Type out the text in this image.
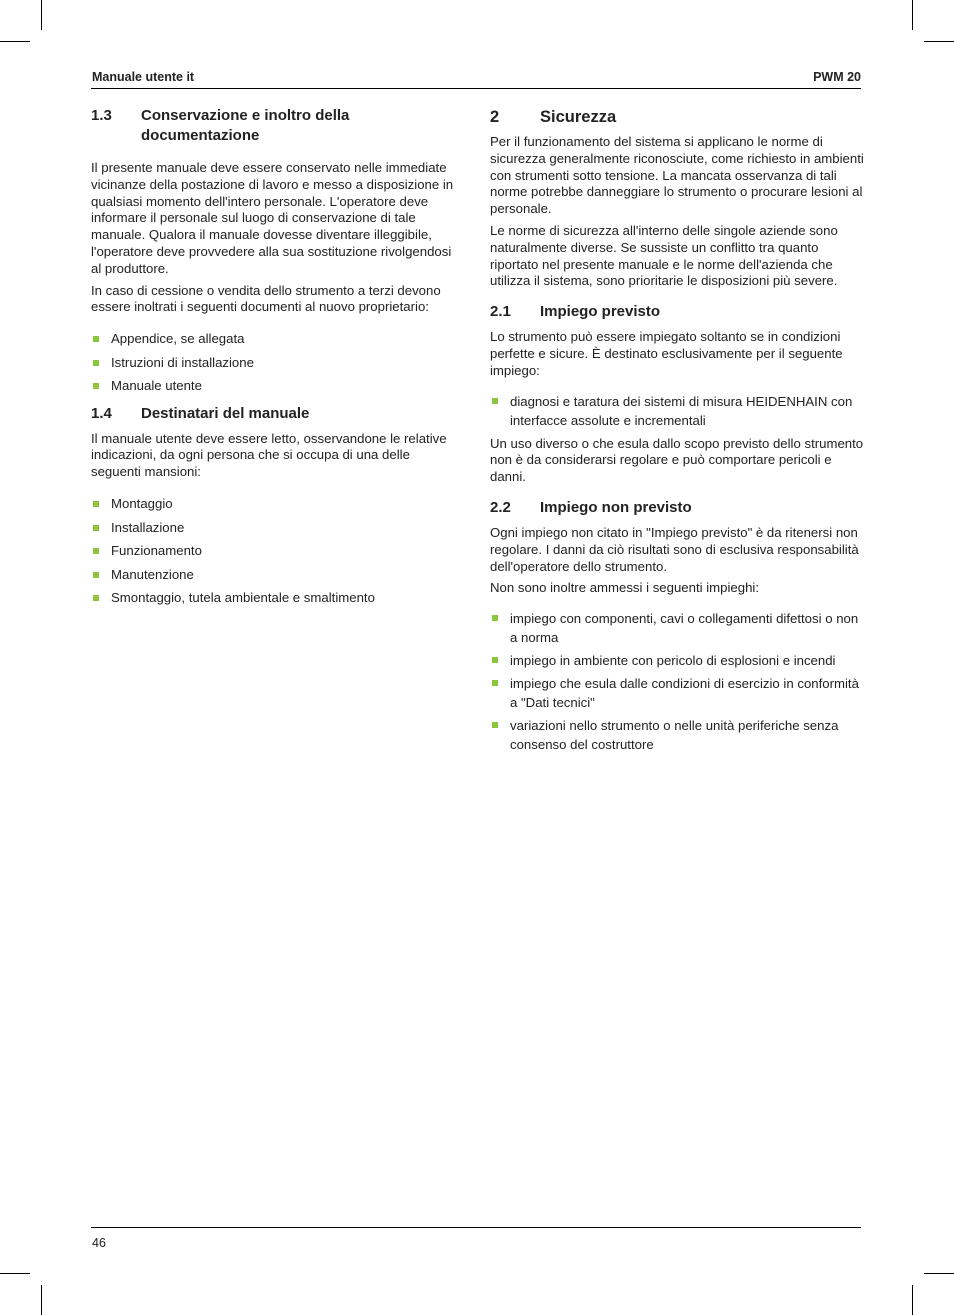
Manuale utente it	PWM 20
1.3	Conservazione e inoltro della documentazione

Il presente manuale deve essere conservato nelle immediate vicinanze della postazione di lavoro e messo a disposizione in qualsiasi momento dell'intero personale. L'operatore deve informare il personale sul luogo di conservazione di tale manuale. Qualora il manuale dovesse diventare illeggibile, l'operatore deve provvedere alla sua sostituzione rivolgendosi al produttore.

In caso di cessione o vendita dello strumento a terzi devono essere inoltrati i seguenti documenti al nuovo proprietario:

Appendice, se allegata
Istruzioni di installazione
Manuale utente
1.4	Destinatari del manuale

Il manuale utente deve essere letto, osservandone le relative indicazioni, da ogni persona che si occupa di una delle seguenti mansioni:

Montaggio
Installazione
Funzionamento
Manutenzione
Smontaggio, tutela ambientale e smaltimento
2	Sicurezza

Per il funzionamento del sistema si applicano le norme di sicurezza generalmente riconosciute, come richiesto in ambienti con strumenti sotto tensione. La mancata osservanza di tali norme potrebbe danneggiare lo strumento o procurare lesioni al personale.

Le norme di sicurezza all'interno delle singole aziende sono naturalmente diverse. Se sussiste un conflitto tra quanto riportato nel presente manuale e le norme dell'azienda che utilizza il sistema, sono prioritarie le disposizioni più severe.

2.1	Impiego previsto

Lo strumento può essere impiegato soltanto se in condizioni perfette e sicure. È destinato esclusivamente per il seguente impiego:

diagnosi e taratura dei sistemi di misura HEIDENHAIN con interfacce assolute e incrementali

Un uso diverso o che esula dallo scopo previsto dello strumento non è da considerarsi regolare e può comportare pericoli e danni.

2.2	Impiego non previsto

Ogni impiego non citato in "Impiego previsto" è da ritenersi non regolare. I danni da ciò risultati sono di esclusiva responsabilità dell'operatore dello strumento.

Non sono inoltre ammessi i seguenti impieghi:

impiego con componenti, cavi o collegamenti difettosi o non a norma
impiego in ambiente con pericolo di esplosioni e incendi
impiego che esula dalle condizioni di esercizio in conformità a "Dati tecnici"
variazioni nello strumento o nelle unità periferiche senza consenso del costruttore
46
